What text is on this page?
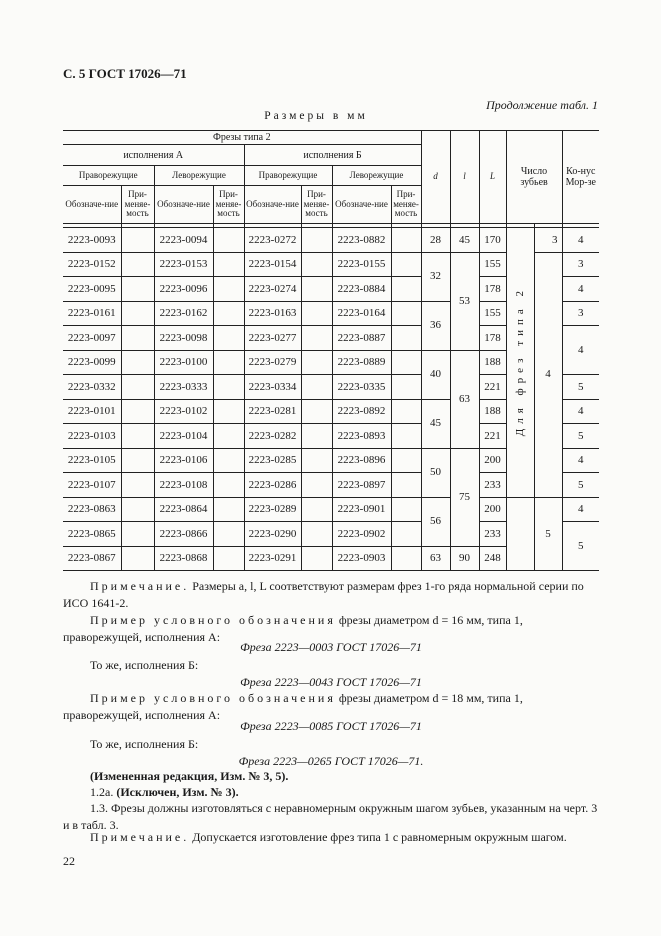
С. 5 ГОСТ 17026—71
Продолжение табл. 1
Размеры в мм
Фрезы типа 2								d	l	L	Число зубьев		Ко-нус Мор-зе
исполнения А				исполнения Б									
Праворежущие		Леворежущие		Праворежущие		Леворежущие							
Обозначе-ние	При-меняе-мость	Обозначе-ние	При-меняе-мость	Обозначе-ние	При-меняе-мость	Обозначе-ние	При-меняе-мость						

2223-0093		2223-0094		2223-0272		2223-0882		28	45	170	Для фрез типа 2	3	4
2223-0152		2223-0153		2223-0154		2223-0155		32	53	155		4	3
2223-0095		2223-0096		2223-0274		2223-0884				178			4
2223-0161		2223-0162		2223-0163		2223-0164		36		155			3
2223-0097		2223-0098		2223-0277		2223-0887				178			4
2223-0099		2223-0100		2223-0279		2223-0889		40	63	188			
2223-0332		2223-0333		2223-0334		2223-0335				221			5
2223-0101		2223-0102		2223-0281		2223-0892		45		188			4
2223-0103		2223-0104		2223-0282		2223-0893				221			5
2223-0105		2223-0106		2223-0285		2223-0896		50	75	200			4
2223-0107		2223-0108		2223-0286		2223-0897				233			5
2223-0863		2223-0864		2223-0289		2223-0901		56		200		5	4
2223-0865		2223-0866		2223-0290		2223-0902				233			5
2223-0867		2223-0868		2223-0291		2223-0903		63	90	248			
Примечание. Размеры a, l, L соответствуют размерам фрез 1-го ряда нормальной серии по ИСО 1641-2.
Пример условного обозначения фрезы диаметром d = 16 мм, типа 1, праворежущей, исполнения А:
Фреза 2223—0003 ГОСТ 17026—71
То же, исполнения Б:
Фреза 2223—0043 ГОСТ 17026—71
Пример условного обозначения фрезы диаметром d = 18 мм, типа 1, праворежущей, исполнения А:
Фреза 2223—0085 ГОСТ 17026—71
То же, исполнения Б:
Фреза 2223—0265 ГОСТ 17026—71.
(Измененная редакция, Изм. № 3, 5).
1.2а. (Исключен, Изм. № 3).
1.3. Фрезы должны изготовляться с неравномерным окружным шагом зубьев, указанным на черт. 3 и в табл. 3.
Примечание. Допускается изготовление фрез типа 1 с равномерным окружным шагом.
22
